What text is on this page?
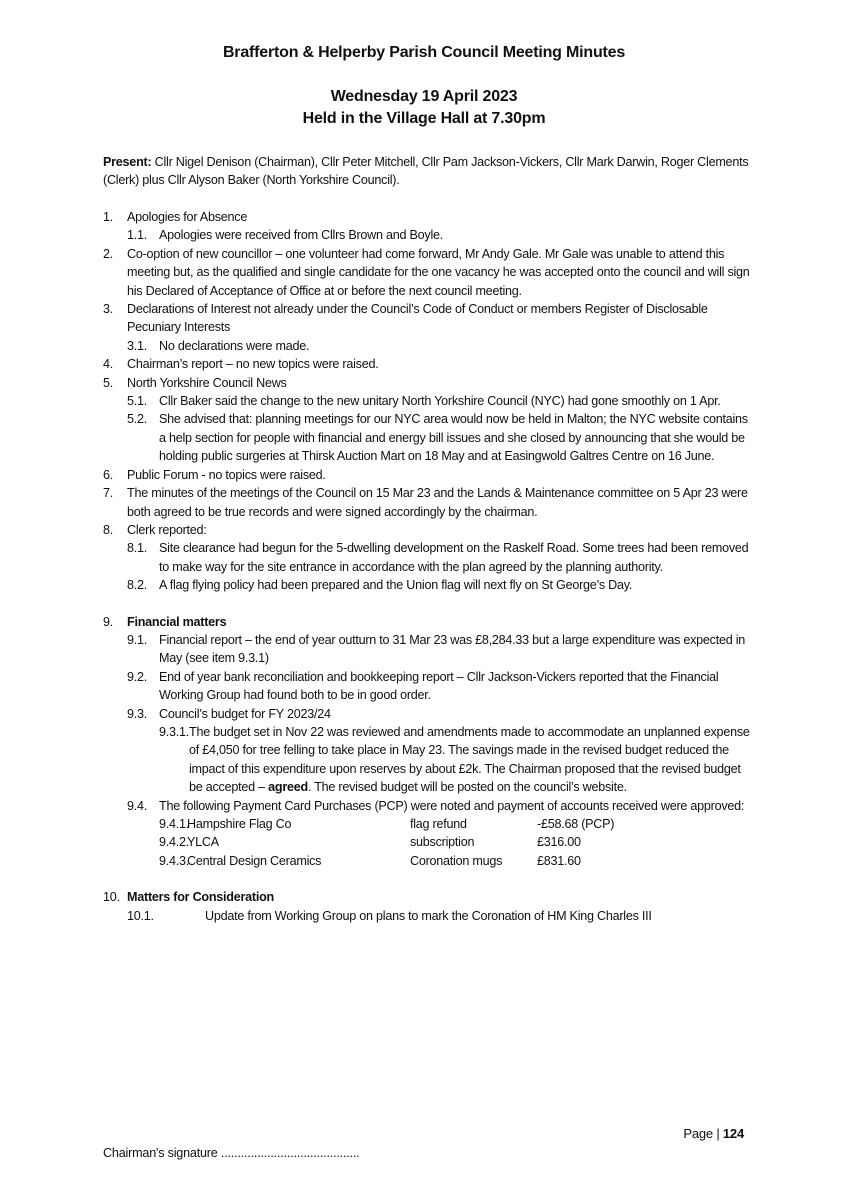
Brafferton & Helperby Parish Council Meeting Minutes
Wednesday 19 April 2023
Held in the Village Hall at 7.30pm
Present: Cllr Nigel Denison (Chairman), Cllr Peter Mitchell, Cllr Pam Jackson-Vickers, Cllr Mark Darwin, Roger Clements (Clerk) plus Cllr Alyson Baker (North Yorkshire Council).
1. Apologies for Absence
1.1. Apologies were received from Cllrs Brown and Boyle.
2. Co-option of new councillor – one volunteer had come forward, Mr Andy Gale. Mr Gale was unable to attend this meeting but, as the qualified and single candidate for the one vacancy he was accepted onto the council and will sign his Declared of Acceptance of Office at or before the next council meeting.
3. Declarations of Interest not already under the Council’s Code of Conduct or members Register of Disclosable Pecuniary Interests
3.1. No declarations were made.
4. Chairman’s report – no new topics were raised.
5. North Yorkshire Council News
5.1. Cllr Baker said the change to the new unitary North Yorkshire Council (NYC) had gone smoothly on 1 Apr.
5.2. She advised that: planning meetings for our NYC area would now be held in Malton; the NYC website contains a help section for people with financial and energy bill issues and she closed by announcing that she would be holding public surgeries at Thirsk Auction Mart on 18 May and at Easingwold Galtres Centre on 16 June.
6. Public Forum - no topics were raised.
7. The minutes of the meetings of the Council on 15 Mar 23 and the Lands & Maintenance committee on 5 Apr 23 were both agreed to be true records and were signed accordingly by the chairman.
8. Clerk reported:
8.1. Site clearance had begun for the 5-dwelling development on the Raskelf Road. Some trees had been removed to make way for the site entrance in accordance with the plan agreed by the planning authority.
8.2. A flag flying policy had been prepared and the Union flag will next fly on St George’s Day.
9. Financial matters
9.1. Financial report – the end of year outturn to 31 Mar 23 was £8,284.33 but a large expenditure was expected in May (see item 9.3.1)
9.2. End of year bank reconciliation and bookkeeping report – Cllr Jackson-Vickers reported that the Financial Working Group had found both to be in good order.
9.3. Council’s budget for FY 2023/24
9.3.1. The budget set in Nov 22 was reviewed and amendments made to accommodate an unplanned expense of £4,050 for tree felling to take place in May 23. The savings made in the revised budget reduced the impact of this expenditure upon reserves by about £2k. The Chairman proposed that the revised budget be accepted – agreed. The revised budget will be posted on the council’s website.
9.4. The following Payment Card Purchases (PCP) were noted and payment of accounts received were approved:
9.4.1.
Hampshire Flag Co	flag refund	-£58.68 (PCP)
9.4.2.
YLCA	subscription	£316.00
9.4.3.
Central Design Ceramics	Coronation mugs	£831.60
10. Matters for Consideration
10.1.	Update from Working Group on plans to mark the Coronation of HM King Charles III
Page | 124
Chairman's signature ..........................................
